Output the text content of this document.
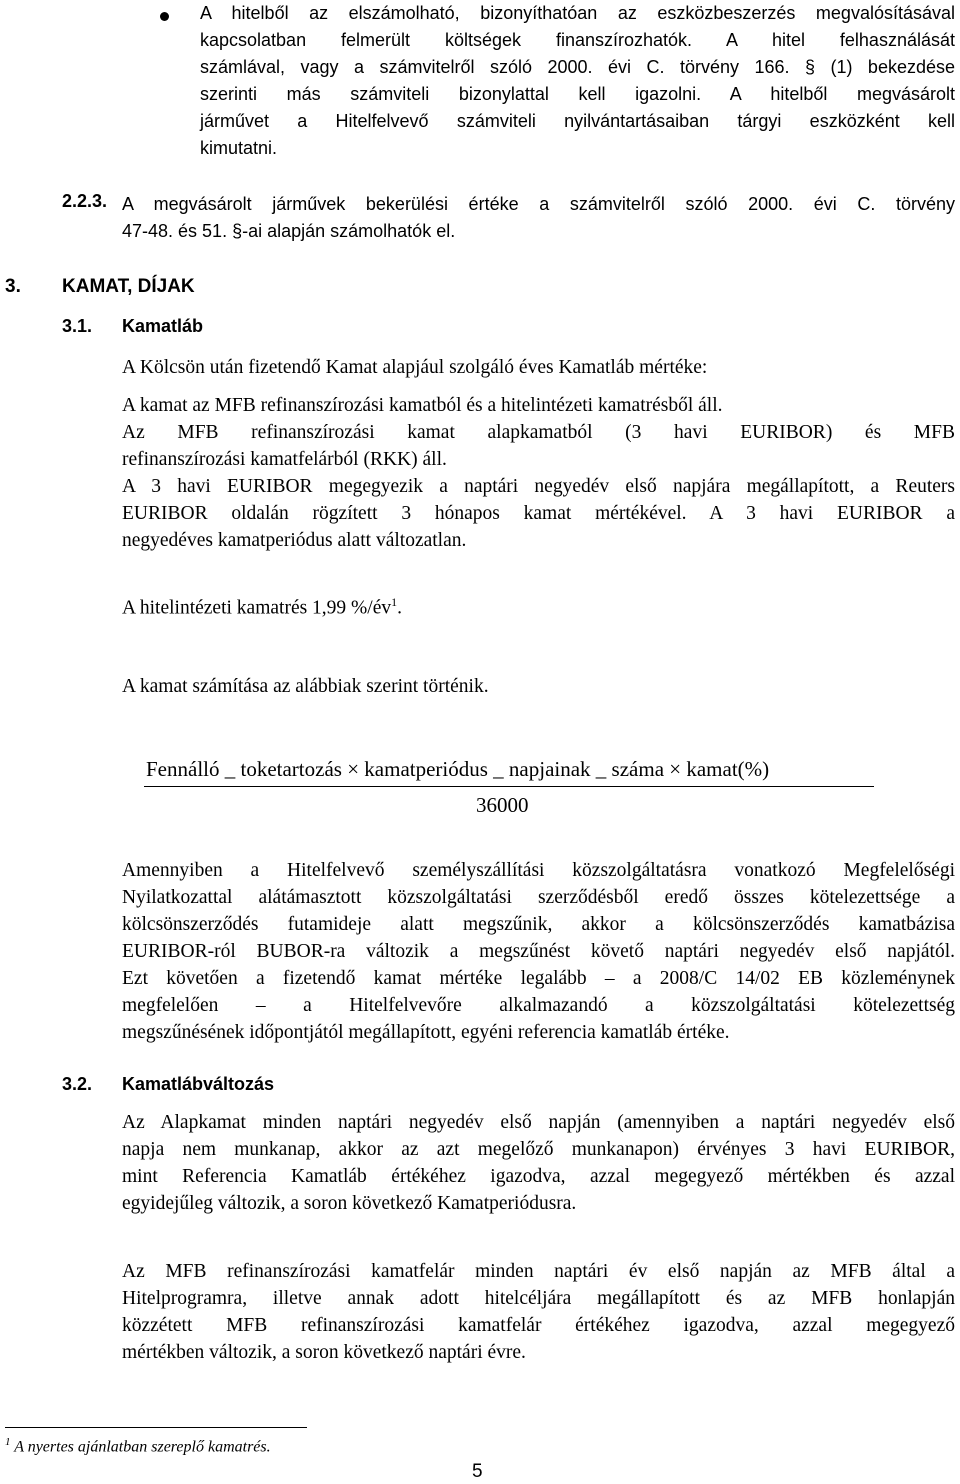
A hitelből az elszámolható, bizonyíthatóan az eszközbeszerzés megvalósításával
kapcsolatban felmerült költségek finanszírozhatók. A hitel felhasználását
számlával, vagy a számvitelről szóló 2000. évi C. törvény 166. § (1) bekezdése
szerinti más számviteli bizonylattal kell igazolni. A hitelből megvásárolt
járművet a Hitelfelvevő számviteli nyilvántartásaiban tárgyi eszközként kell
kimutatni.
2.2.3. A megvásárolt járművek bekerülési értéke a számvitelről szóló 2000. évi C. törvény
47-48. és 51. §-ai alapján számolhatók el.
3. KAMAT, DÍJAK
3.1. Kamatláb
A Kölcsön után fizetendő Kamat alapjául szolgáló éves Kamatláb mértéke:
A kamat az MFB refinanszírozási kamatból és a hitelintézeti kamatrésből áll.
Az MFB refinanszírozási kamat alapkamatból (3 havi EURIBOR) és MFB
refinanszírozási kamatfelárból (RKK) áll.
A 3 havi EURIBOR megegyezik a naptári negyedév első napjára megállapított, a Reuters
EURIBOR oldalán rögzített 3 hónapos kamat mértékével. A 3 havi EURIBOR a
negyedéves kamatperiódus alatt változatlan.
A hitelintézeti kamatrés 1,99 $\%/év^1$.
A kamat számítása az alábbiak szerint történik.
Fennálló _ toketartozás × kamatperiódus _ napjainak _ száma × kamat(%)
36000
Amennyiben a Hitelfelvevő személyszállítási közszolgáltatásra vonatkozó Megfelelőségi
Nyilatkozattal alátámasztott közszolgáltatási szerződésből eredő összes kötelezettsége a
kölcsönszerződés futamideje alatt megszűnik, akkor a kölcsönszerződés kamatbázisa
EURIBOR-ról BUBOR-ra változik a megszűnést követő naptári negyedév első napjától.
Ezt követően a fizetendő kamat mértéke legalább – a 2008/C 14/02 EB közleménynek
megfelelően – a Hitelfelvevőre alkalmazandó a közszolgáltatási kötelezettség
megszűnésének időpontjától megállapított, egyéni referencia kamatláb értéke.
3.2. Kamatlábváltozás
Az Alapkamat minden naptári negyedév első napján (amennyiben a naptári negyedév első
napja nem munkanap, akkor az azt megelőző munkanapon) érvényes 3 havi EURIBOR,
mint Referencia Kamatláb értékéhez igazodva, azzal megegyező mértékben és azzal
egyidejűleg változik, a soron következő Kamatperiódusra.
Az MFB refinanszírozási kamatfelár minden naptári év első napján az MFB által a
Hitelprogramra, illetve annak adott hitelcéljára megállapított és az MFB honlapján
közzétett MFB refinanszírozási kamatfelár értékéhez igazodva, azzal megegyező
mértékben változik, a soron következő naptári évre.
$^1$ A nyertes ajánlatban szereplő kamatrés.
5
